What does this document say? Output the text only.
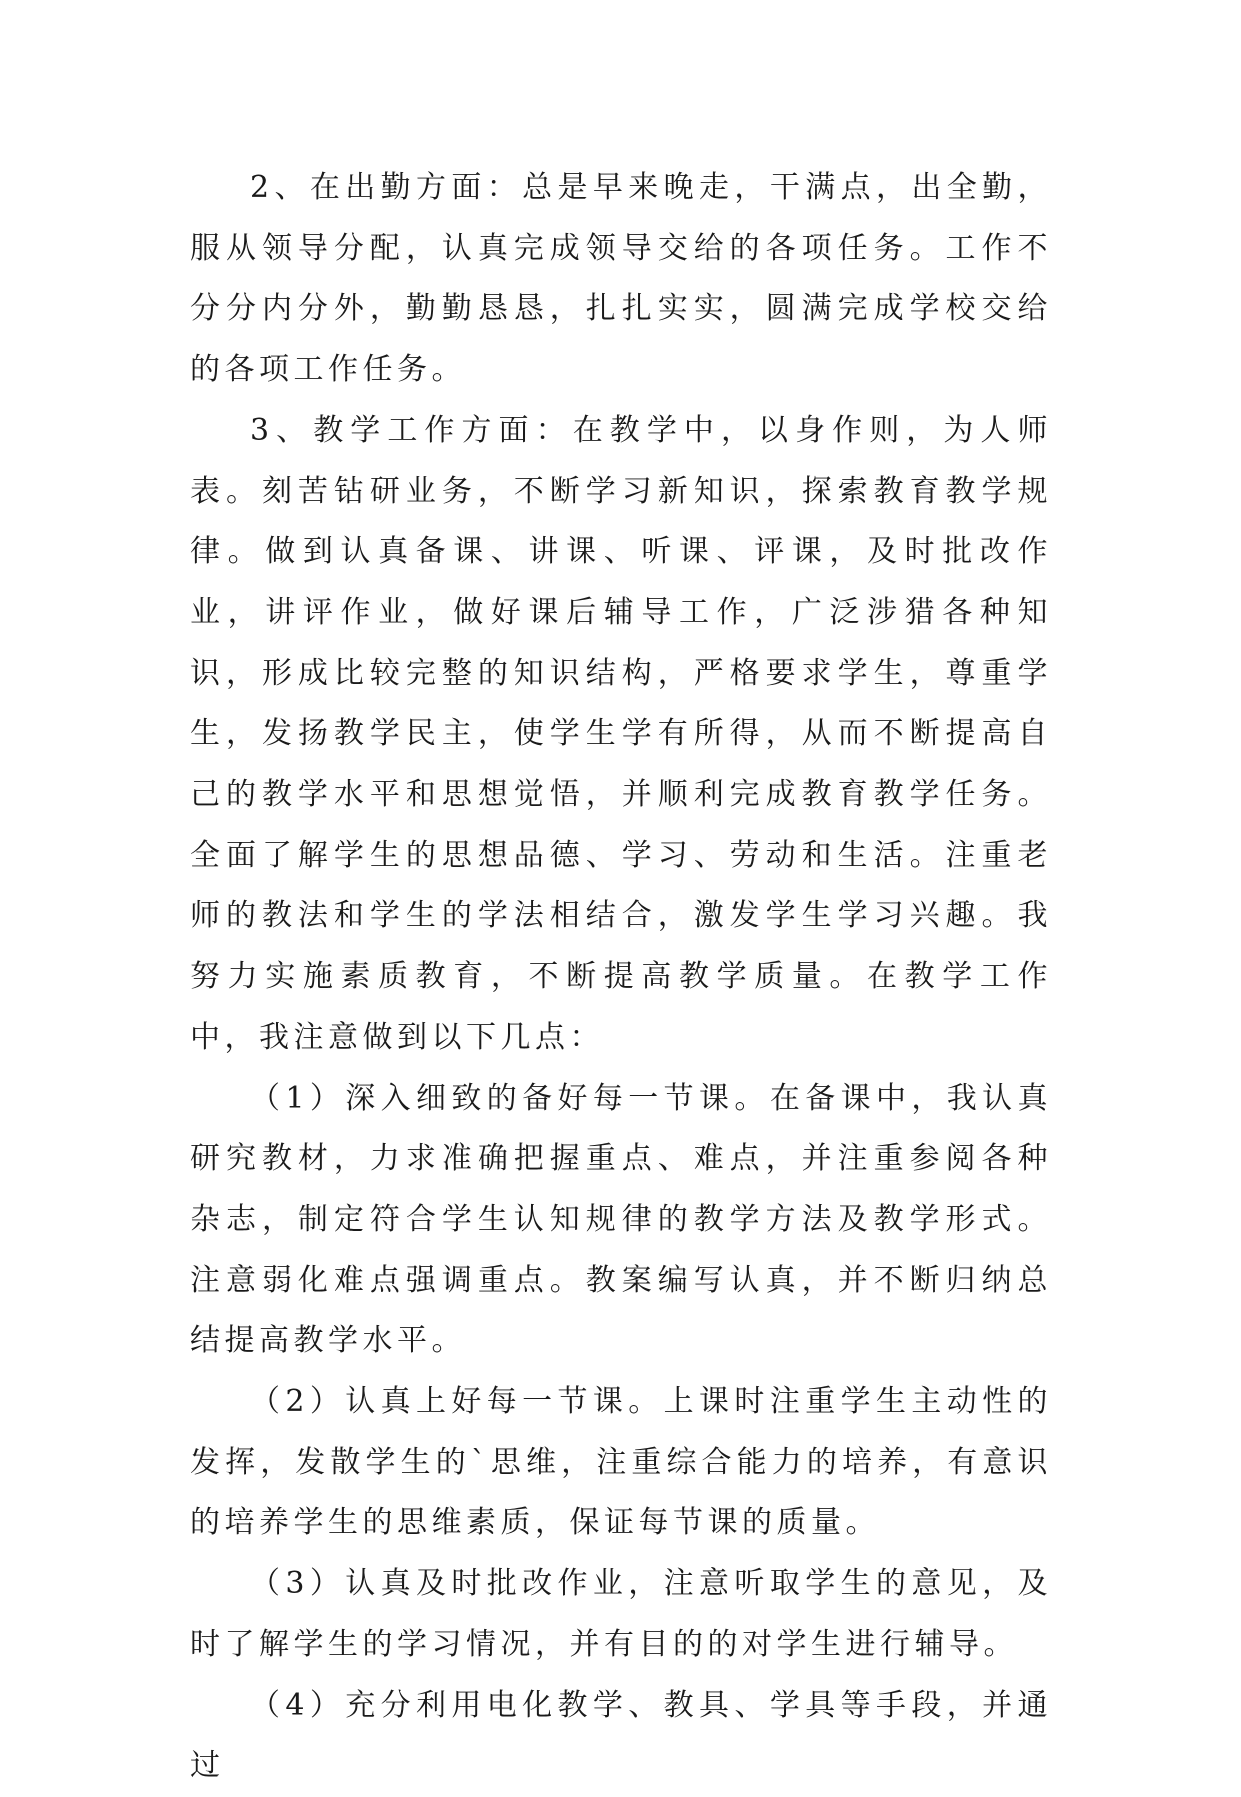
2、在出勤方面：总是早来晚走，干满点，出全勤，服从领导分配，认真完成领导交给的各项任务。工作不分分内分外，勤勤恳恳，扎扎实实，圆满完成学校交给的各项工作任务。

3、教学工作方面：在教学中，以身作则，为人师表。刻苦钻研业务，不断学习新知识，探索教育教学规律。做到认真备课、讲课、听课、评课，及时批改作业，讲评作业，做好课后辅导工作，广泛涉猎各种知识，形成比较完整的知识结构，严格要求学生，尊重学生，发扬教学民主，使学生学有所得，从而不断提高自己的教学水平和思想觉悟，并顺利完成教育教学任务。全面了解学生的思想品德、学习、劳动和生活。注重老师的教法和学生的学法相结合，激发学生学习兴趣。我努力实施素质教育，不断提高教学质量。在教学工作中，我注意做到以下几点：

（1）深入细致的备好每一节课。在备课中，我认真研究教材，力求准确把握重点、难点，并注重参阅各种杂志，制定符合学生认知规律的教学方法及教学形式。注意弱化难点强调重点。教案编写认真，并不断归纳总结提高教学水平。

（2）认真上好每一节课。上课时注重学生主动性的发挥，发散学生的`思维，注重综合能力的培养，有意识的培养学生的思维素质，保证每节课的质量。

（3）认真及时批改作业，注意听取学生的意见，及时了解学生的学习情况，并有目的的对学生进行辅导。

（4）充分利用电化教学、教具、学具等手段，并通过
